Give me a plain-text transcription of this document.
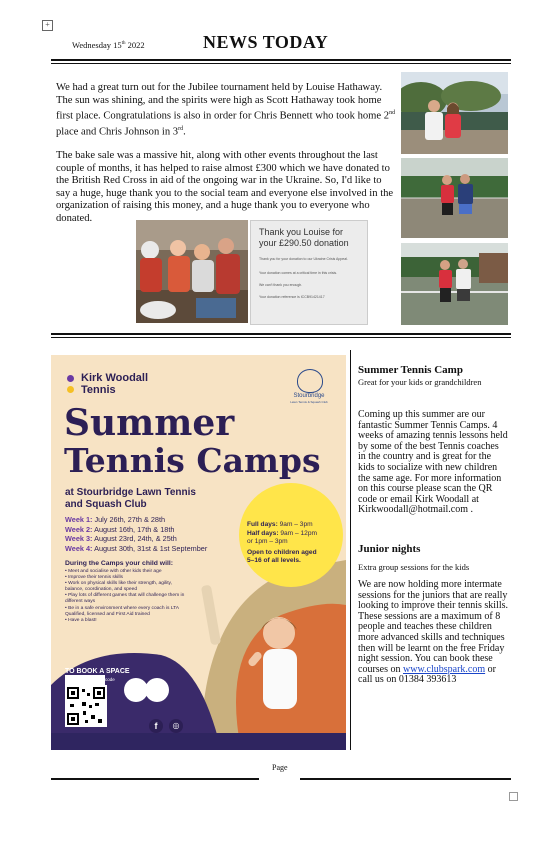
+
Wednesday 15th 2022	NEWS TODAY
We had a great turn out for the Jubilee tournament held by Louise Hathaway. The sun was shining, and the spirits were high as Scott Hathaway took home first place. Congratulations is also in order for Chris Bennett who took home 2nd place and Chris Johnson in 3rd.
The bake sale was a massive hit, along with other events throughout the last couple of months, it has helped to raise almost £300 which we have donated to the British Red Cross in aid of the ongoing war in the Ukraine. So, I'd like to say a huge, huge thank you to the social team and everyone else involved in the organization of raising this money, and a huge thank you to everyone who donated.
Thank you Louise for your £290.50 donation
Thank you for your donation to our Ukraine Crisis Appeal.
Your donation comes at a critical time in this crisis.
We can't thank you enough.
Your donation reference is ICCB91421417
Kirk Woodall
Tennis	Stourbridge
Lawn Tennis & Squash Club
Summer
Tennis Camps
at Stourbridge Lawn Tennis
and Squash Club
Week 1: July 26th, 27th & 28th
Week 2: August 16th, 17th & 18th
Week 3: August 23rd, 24th, & 25th
Week 4: August 30th, 31st & 1st September
Full days: 9am – 3pm
Half days: 9am – 12pm
or 1pm – 3pm
Open to children aged
5–16 of all levels.
During the Camps your child will:
• Meet and socialise with other kids their age
• Improve their tennis skills
• Work on physical skills like their strength, agility, balance, coordination, and speed
• Play lots of different games that will challenge them in different ways
• Be in a safe environment where every coach is LTA Qualified, licensed and First Aid trained
• Have a blast!
TO BOOK A SPACE
Tap or scan the QR code
f	◎
Summer Tennis Camp
Great for your kids or grandchildren
Coming up this summer are our fantastic Summer Tennis Camps. 4 weeks of amazing tennis lessons held by some of the best Tennis coaches in the country and is great for the kids to socialize with new children the same age. For more information on this course please scan the QR code or email Kirk Woodall at Kirkwoodall@hotmail.com .
Junior nights
Extra group sessions for the kids
We are now holding more intermate sessions for the juniors that are really looking to improve their tennis skills. These sessions are a maximum of 8 people and teaches these children more advanced skills and techniques then will be learnt on the free Friday night session. You can book these courses on www.clubspark.com or call us on 01384 393613
Page
